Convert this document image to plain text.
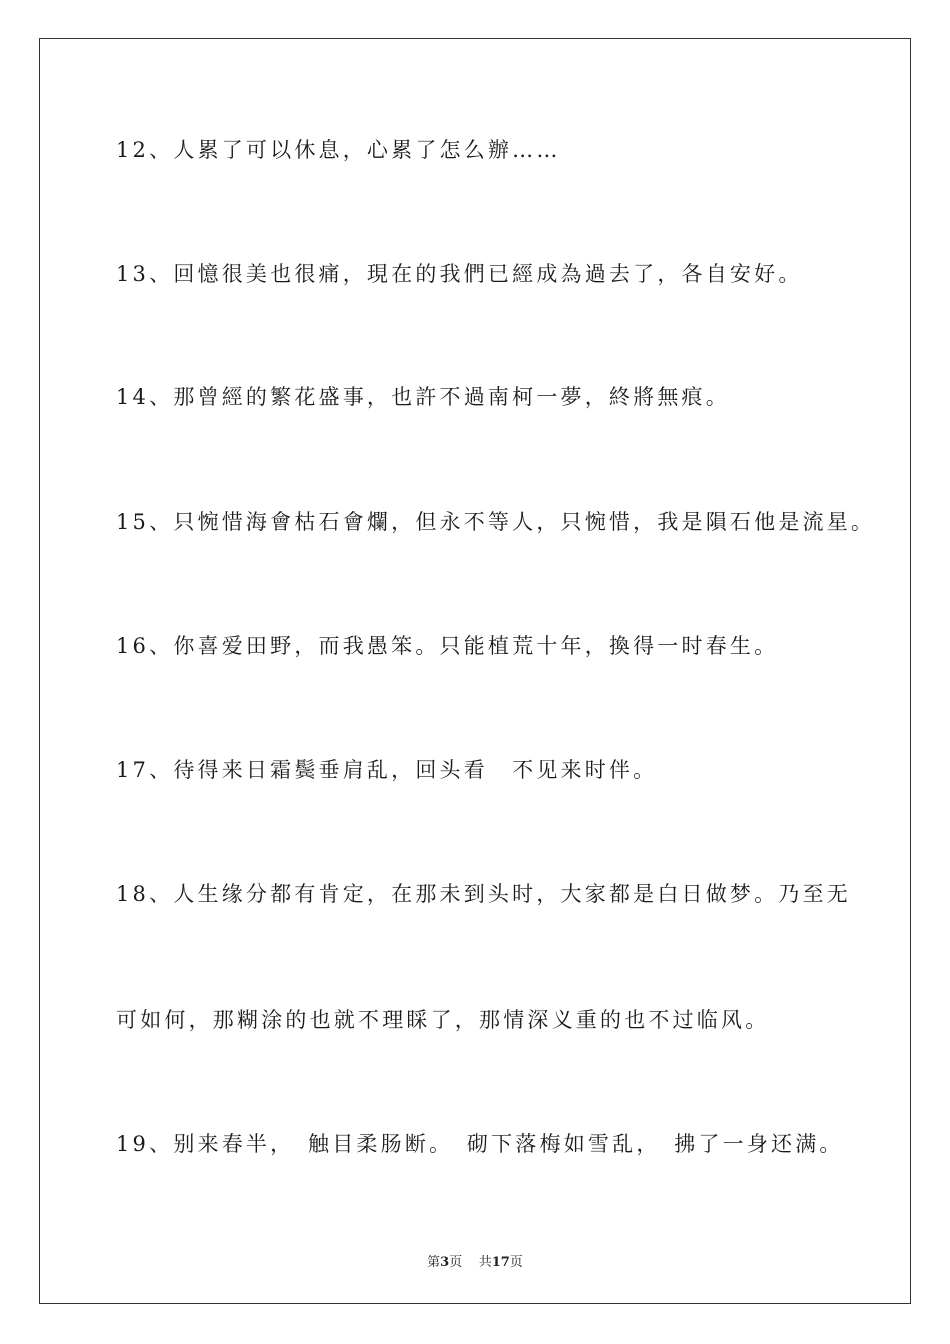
12、人累了可以休息，心累了怎么辦……
13、回憶很美也很痛，現在的我們已經成為過去了，各自安好。
14、那曾經的繁花盛事，也許不過南柯一夢，終將無痕。
15、只惋惜海會枯石會爛，但永不等人，只惋惜，我是隕石他是流星。
16、你喜爱田野，而我愚笨。只能植荒十年，換得一时春生。
17、待得来日霜鬓垂肩乱，回头看　不见来时伴。
18、人生缘分都有肯定，在那未到头时，大家都是白日做梦。乃至无
可如何，那糊涂的也就不理睬了，那情深义重的也不过临风。
19、别来春半，　触目柔肠断。　砌下落梅如雪乱，　拂了一身还满。
第3页 共17页
